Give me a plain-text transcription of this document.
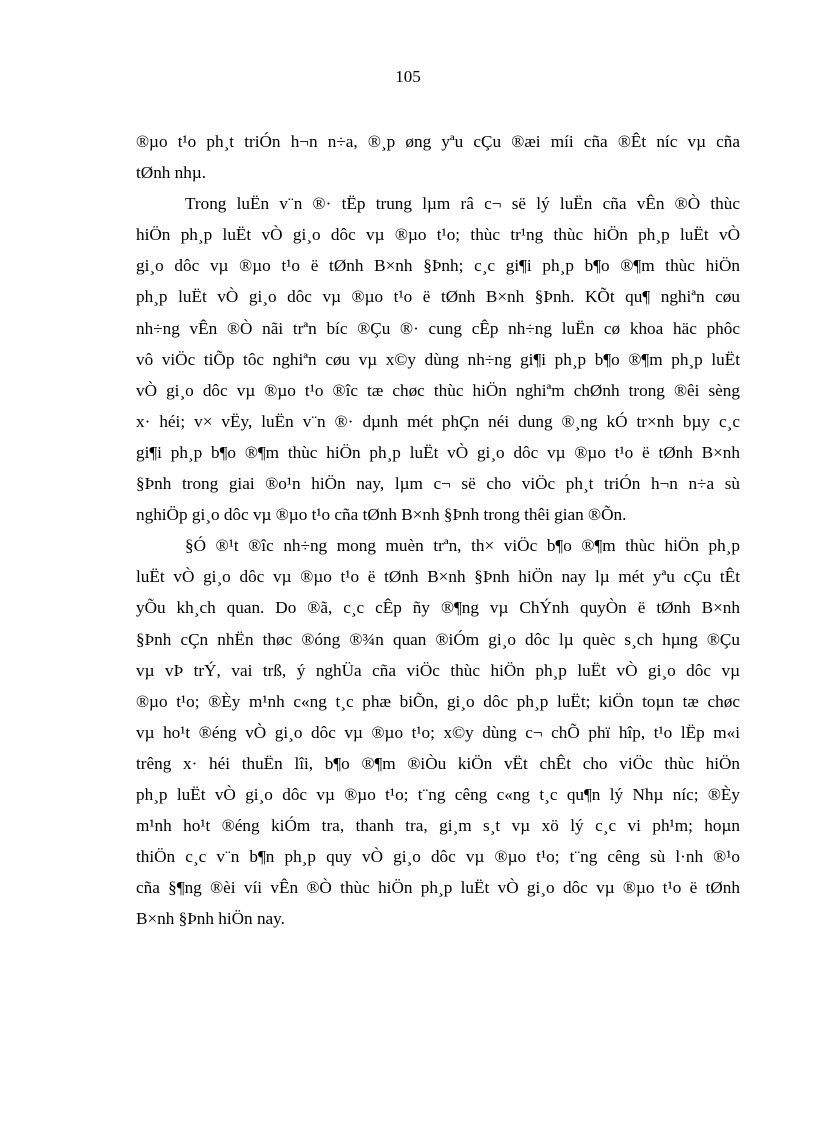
105
®µo t¹o ph¸t triÓn h¬n n÷a, ®¸p øng yªu cÇu ®æi míi cña ®Êt níc vµ cña
tØnh nhµ.
Trong luËn v¨n ®· tËp trung lµm râ c¬ së lý luËn cña vÊn ®Ò thùc
hiÖn ph¸p luËt vÒ gi¸o dôc vµ ®µo t¹o; thùc tr¹ng thùc hiÖn ph¸p luËt vÒ
gi¸o dôc vµ ®µo t¹o ë tØnh B×nh §Þnh; c¸c gi¶i ph¸p b¶o ®¶m thùc hiÖn
ph¸p luËt vÒ gi¸o dôc vµ ®µo t¹o ë tØnh B×nh §Þnh. KÕt qu¶ nghiªn cøu
nh÷ng vÊn ®Ò nãi trªn bíc ®Çu ®· cung cÊp nh÷ng luËn cø khoa häc phôc
vô viÖc tiÕp tôc nghiªn cøu vµ x©y dùng nh÷ng gi¶i ph¸p b¶o ®¶m ph¸p luËt
vÒ gi¸o dôc vµ ®µo t¹o ®îc tæ chøc thùc hiÖn nghiªm chØnh trong ®êi sèng
x· héi; v× vËy, luËn v¨n ®· dµnh mét phÇn néi dung ®¸ng kÓ tr×nh bµy c¸c
gi¶i ph¸p b¶o ®¶m thùc hiÖn ph¸p luËt vÒ gi¸o dôc vµ ®µo t¹o ë tØnh B×nh
§Þnh trong giai ®o¹n hiÖn nay, lµm c¬ së cho viÖc ph¸t triÓn h¬n n÷a sù
nghiÖp gi¸o dôc vµ ®µo t¹o cña tØnh B×nh §Þnh trong thêi gian ®Õn.
§Ó ®¹t ®îc nh÷ng mong muèn trªn, th× viÖc b¶o ®¶m thùc hiÖn ph¸p
luËt vÒ gi¸o dôc vµ ®µo t¹o ë tØnh B×nh §Þnh hiÖn nay lµ mét yªu cÇu tÊt
yÕu kh¸ch quan. Do ®ã, c¸c cÊp ñy ®¶ng vµ ChÝnh quyÒn ë tØnh B×nh
§Þnh cÇn nhËn thøc ®óng ®¾n quan ®iÓm gi¸o dôc lµ quèc s¸ch hµng ®Çu
vµ vÞ trÝ, vai trß, ý nghÜa cña viÖc thùc hiÖn ph¸p luËt vÒ gi¸o dôc vµ
®µo t¹o; ®Èy m¹nh c«ng t¸c phæ biÕn, gi¸o dôc ph¸p luËt; kiÖn toµn tæ chøc
vµ ho¹t ®éng vÒ gi¸o dôc vµ ®µo t¹o; x©y dùng c¬ chÕ phï hîp, t¹o lËp m«i
trêng x· héi thuËn lîi, b¶o ®¶m ®iÒu kiÖn vËt chÊt cho viÖc thùc hiÖn
ph¸p luËt vÒ gi¸o dôc vµ ®µo t¹o; t¨ng cêng c«ng t¸c qu¶n lý Nhµ níc; ®Èy
m¹nh ho¹t ®éng kiÓm tra, thanh tra, gi¸m s¸t vµ xö lý c¸c vi ph¹m; hoµn
thiÖn c¸c v¨n b¶n ph¸p quy vÒ gi¸o dôc vµ ®µo t¹o; t¨ng cêng sù l·nh ®¹o
cña §¶ng ®èi víi vÊn ®Ò thùc hiÖn ph¸p luËt vÒ gi¸o dôc vµ ®µo t¹o ë tØnh
B×nh §Þnh hiÖn nay.
